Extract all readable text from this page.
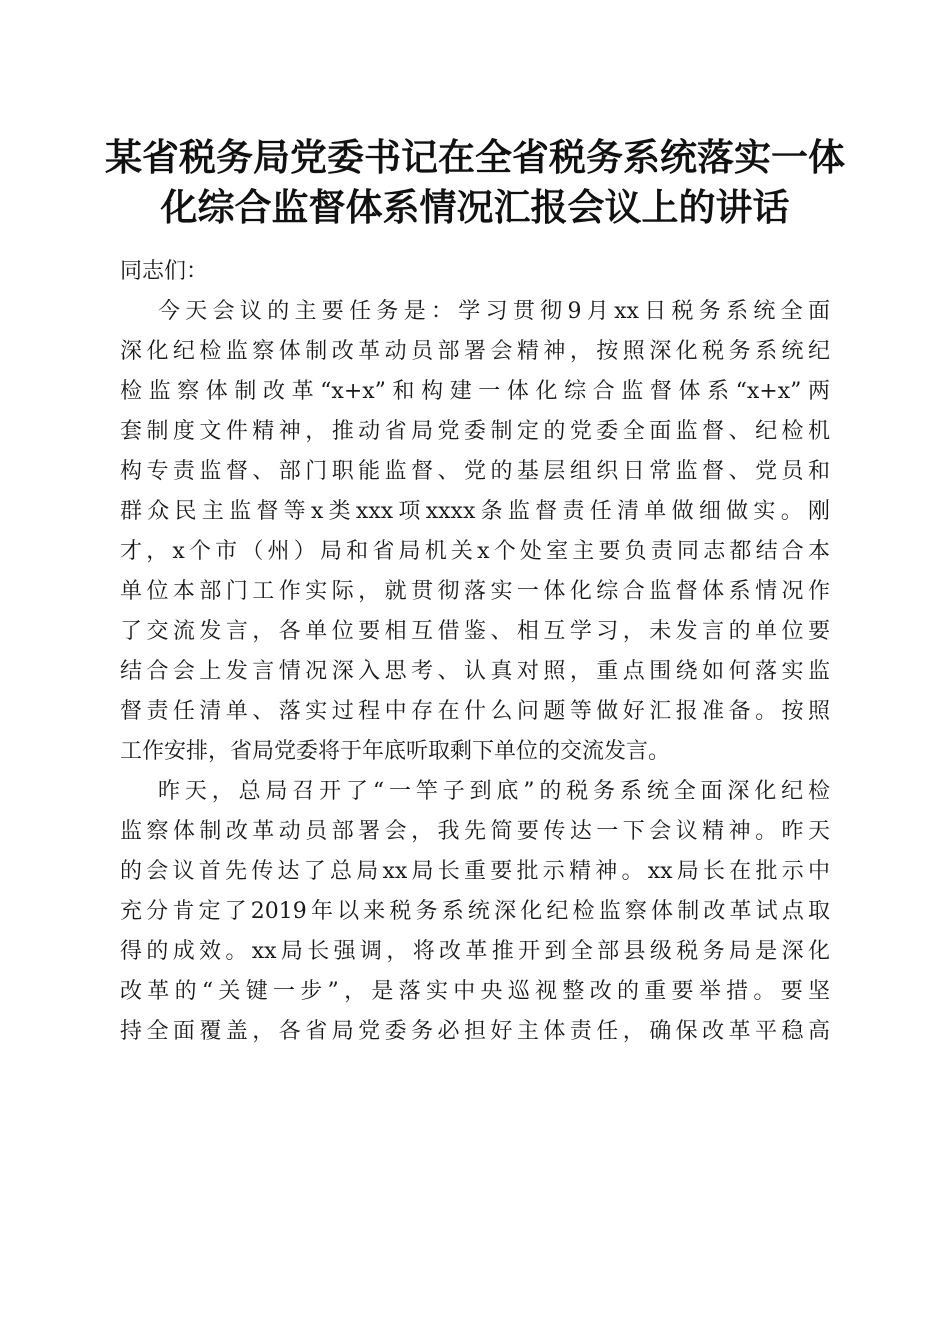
某省税务局党委书记在全省税务系统落实一体
化综合监督体系情况汇报会议上的讲话
同志们：
今天会议的主要任务是：学习贯彻9月xx日税务系统全面
深化纪检监察体制改革动员部署会精神，按照深化税务系统纪
检监察体制改革“x+x”和构建一体化综合监督体系“x+x”两
套制度文件精神，推动省局党委制定的党委全面监督、纪检机
构专责监督、部门职能监督、党的基层组织日常监督、党员和
群众民主监督等x类xxx项xxxx条监督责任清单做细做实。刚
才，x个市（州）局和省局机关x个处室主要负责同志都结合本
单位本部门工作实际，就贯彻落实一体化综合监督体系情况作
了交流发言，各单位要相互借鉴、相互学习，未发言的单位要
结合会上发言情况深入思考、认真对照，重点围绕如何落实监
督责任清单、落实过程中存在什么问题等做好汇报准备。按照
工作安排，省局党委将于年底听取剩下单位的交流发言。
昨天，总局召开了“一竿子到底”的税务系统全面深化纪检
监察体制改革动员部署会，我先简要传达一下会议精神。昨天
的会议首先传达了总局xx局长重要批示精神。xx局长在批示中
充分肯定了2019年以来税务系统深化纪检监察体制改革试点取
得的成效。xx局长强调，将改革推开到全部县级税务局是深化
改革的“关键一步”，是落实中央巡视整改的重要举措。要坚
持全面覆盖，各省局党委务必担好主体责任，确保改革平稳高
